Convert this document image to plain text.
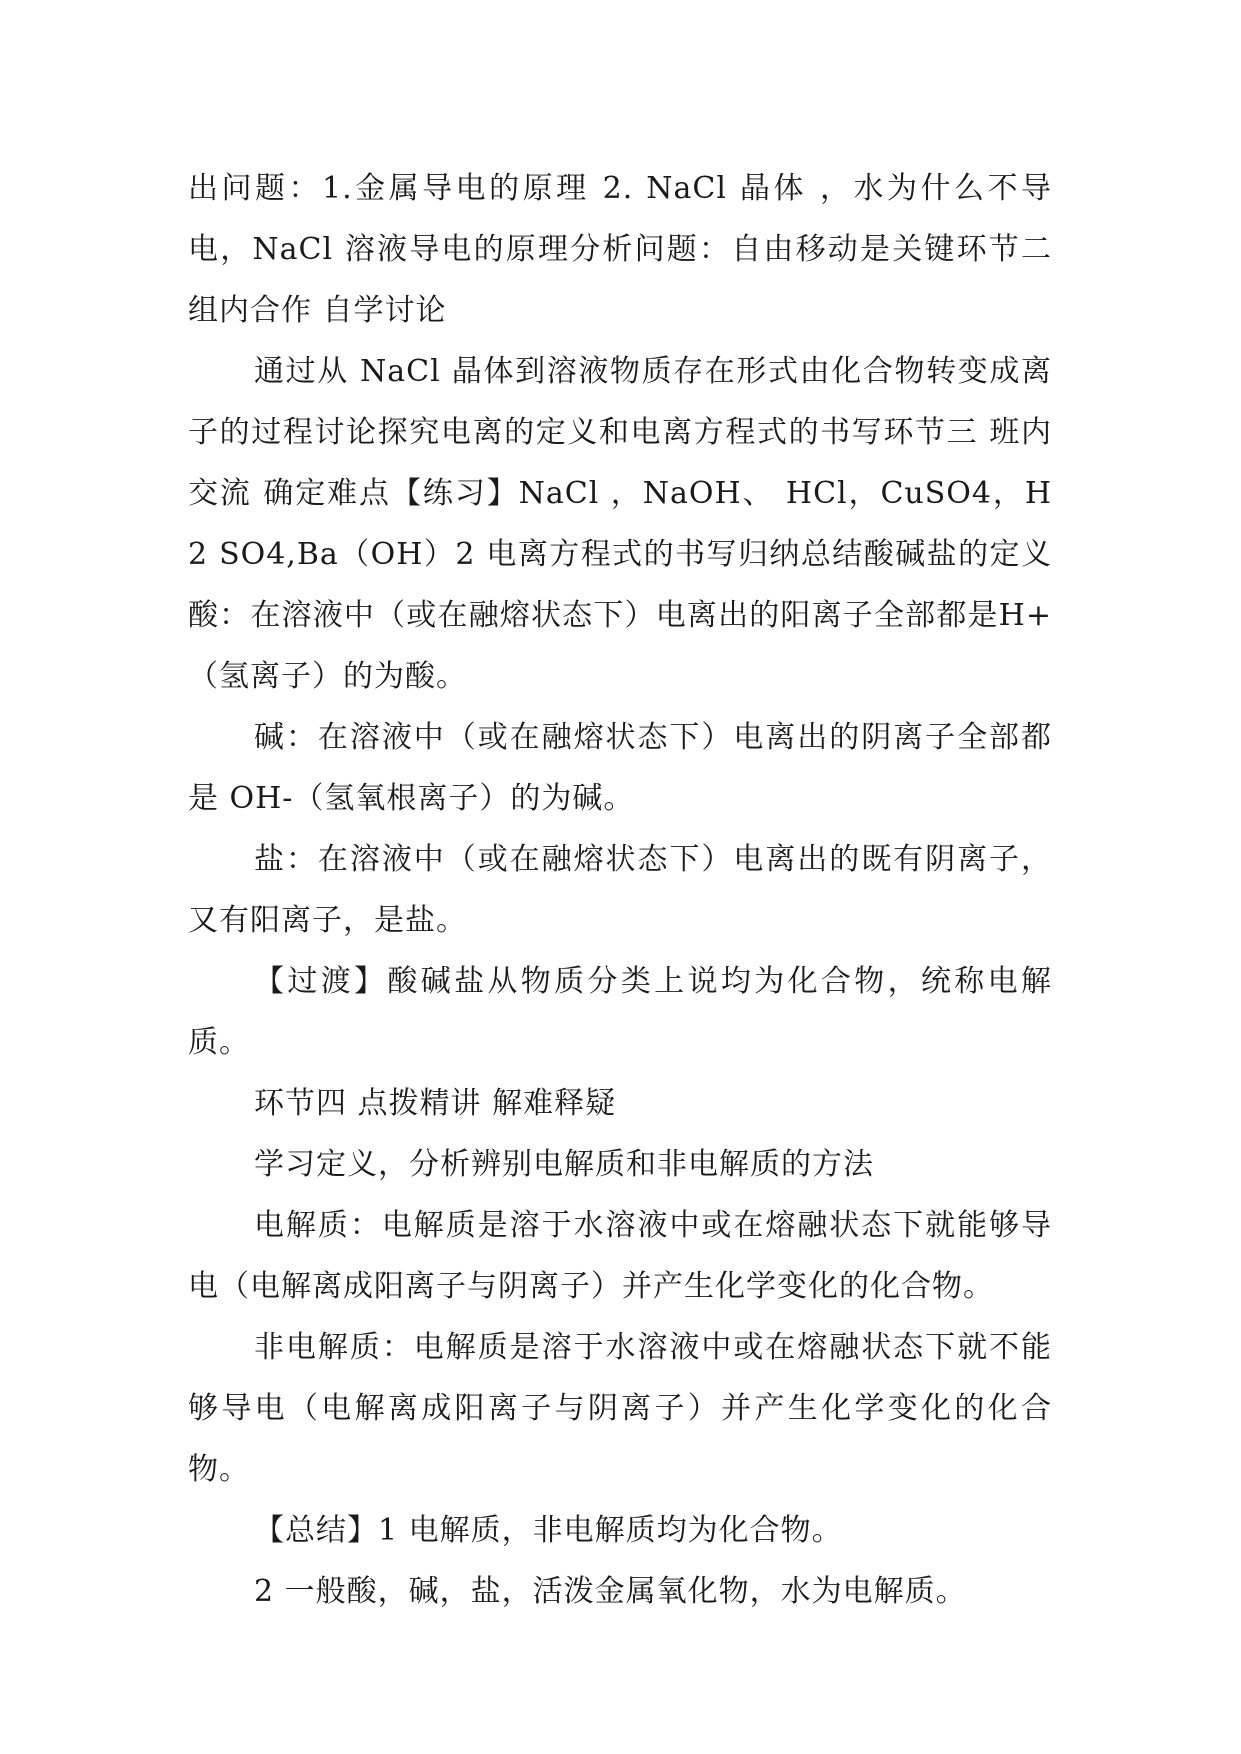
出问题：1.金属导电的原理 2. NaCl 晶体 ，水为什么不导电，NaCl 溶液导电的原理分析问题：自由移动是关键环节二 组内合作 自学讨论

通过从 NaCl 晶体到溶液物质存在形式由化合物转变成离子的过程讨论探究电离的定义和电离方程式的书写环节三 班内交流 确定难点【练习】NaCl ，NaOH、 HCl，CuSO4，H2 SO4,Ba（OH）2 电离方程式的书写归纳总结酸碱盐的定义酸：在溶液中（或在融熔状态下）电离出的阳离子全部都是H+（氢离子）的为酸。

碱：在溶液中（或在融熔状态下）电离出的阴离子全部都是 OH-（氢氧根离子）的为碱。

盐：在溶液中（或在融熔状态下）电离出的既有阴离子，又有阳离子，是盐。

【过渡】酸碱盐从物质分类上说均为化合物，统称电解质。

环节四 点拨精讲 解难释疑

学习定义，分析辨别电解质和非电解质的方法

电解质：电解质是溶于水溶液中或在熔融状态下就能够导电（电解离成阳离子与阴离子）并产生化学变化的化合物。

非电解质：电解质是溶于水溶液中或在熔融状态下就不能够导电（电解离成阳离子与阴离子）并产生化学变化的化合物。

【总结】1 电解质，非电解质均为化合物。

2 一般酸，碱，盐，活泼金属氧化物，水为电解质。
